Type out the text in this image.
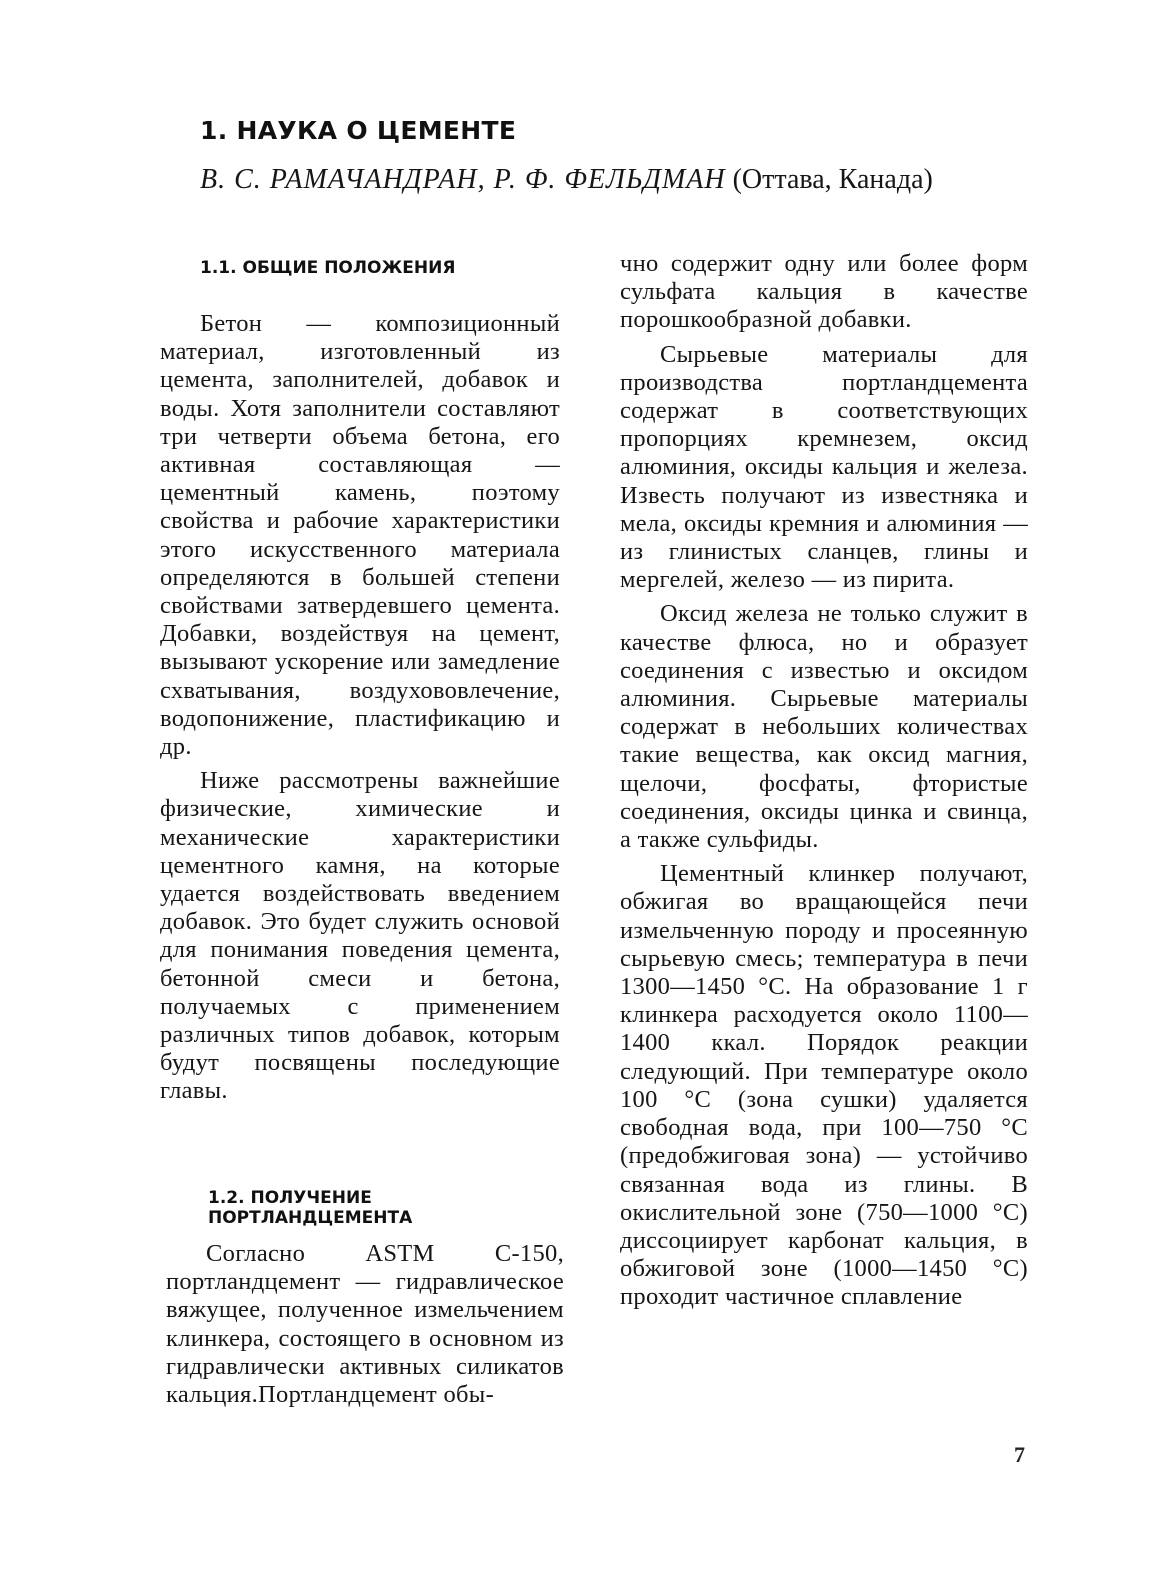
1. НАУКА О ЦЕМЕНТЕ
В. С. РАМАЧАНДРАН, Р. Ф. ФЕЛЬДМАН (Оттава, Канада)
1.1. ОБЩИЕ ПОЛОЖЕНИЯ

Бетон — композиционный материал, изготовленный из цемента, заполнителей, добавок и воды. Хотя заполнители составляют три четверти объема бетона, его активная составляющая — цементный камень, поэтому свойства и рабочие характеристики этого искусственного материала определяются в большей степени свойствами затвердевшего цемента. Добавки, воздействуя на цемент, вызывают ускорение или замедление схватывания, воздухововлечение, водопонижение, пластификацию и др.

Ниже рассмотрены важнейшие физические, химические и механические характеристики цементного камня, на которые удается воздействовать введением добавок. Это будет служить основой для понимания поведения цемента, бетонной смеси и бетона, получаемых с применением различных типов добавок, которым будут посвящены последующие главы.

1.2. ПОЛУЧЕНИЕ ПОРТЛАНДЦЕМЕНТА

Согласно ASTM С-150, портландцемент — гидравлическое вяжущее, полученное измельчением клинкера, состоящего в основном из гидравлически активных силикатов кальция.Портландцемент обы-

чно содержит одну или более форм сульфата кальция в качестве порошкообразной добавки.

Сырьевые материалы для производства портландцемента содержат в соответствующих пропорциях кремнезем, оксид алюминия, оксиды кальция и железа. Известь получают из известняка и мела, оксиды кремния и алюминия — из глинистых сланцев, глины и мергелей, железо — из пирита.

Оксид железа не только служит в качестве флюса, но и образует соединения с известью и оксидом алюминия. Сырьевые материалы содержат в небольших количествах такие вещества, как оксид магния, щелочи, фосфаты, фтористые соединения, оксиды цинка и свинца, а также сульфиды.

Цементный клинкер получают, обжигая во вращающейся печи измельченную породу и просеянную сырьевую смесь; температура в печи 1300—1450 °С. На образование 1 г клинкера расходуется около 1100—1400 ккал. Порядок реакции следующий. При температуре около 100 °С (зона сушки) удаляется свободная вода, при 100—750 °С (предобжиговая зона) — устойчиво связанная вода из глины. В окислительной зоне (750—1000 °С) диссоциирует карбонат кальция, в обжиговой зоне (1000—1450 °С) проходит частичное сплавление

7
